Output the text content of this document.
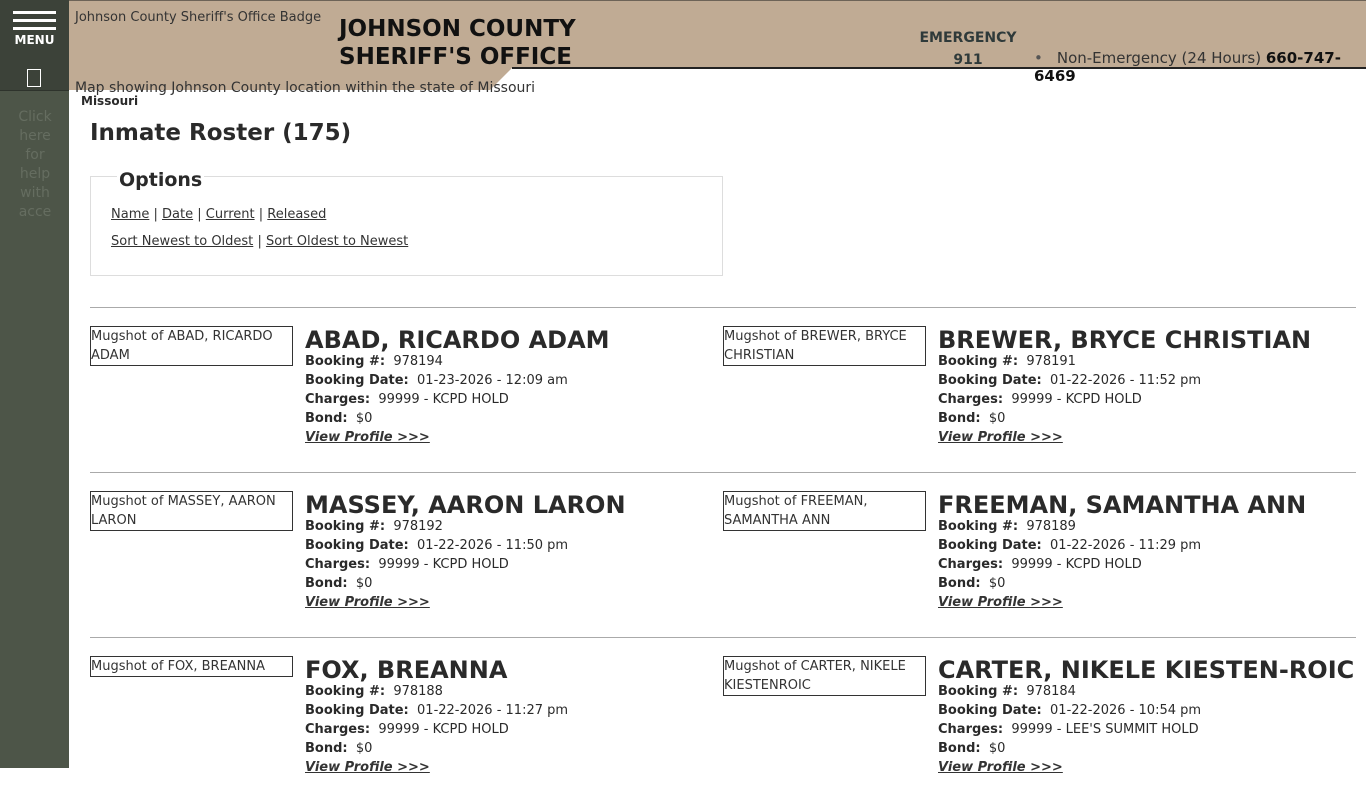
MENU
Click here for help with acce
Johnson County Sheriff's Office Badge JOHNSON COUNTY
SHERIFF'S OFFICE
EMERGENCY
911	• Non-Emergency (24 Hours) 660-747-6469
Map showing Johnson County location within the state of Missouri
Missouri
Inmate Roster (175)
Options
Name | Date | Current | Released
Sort Newest to Oldest | Sort Oldest to Newest
Mugshot of ABAD, RICARDO ADAM
ABAD, RICARDO ADAM
Booking #: 978194
Booking Date: 01-23-2026 - 12:09 am
Charges: 99999 - KCPD HOLD
Bond: $0
View Profile >>>
Mugshot of BREWER, BRYCE CHRISTIAN
BREWER, BRYCE CHRISTIAN
Booking #: 978191
Booking Date: 01-22-2026 - 11:52 pm
Charges: 99999 - KCPD HOLD
Bond: $0
View Profile >>>
Mugshot of MASSEY, AARON LARON
MASSEY, AARON LARON
Booking #: 978192
Booking Date: 01-22-2026 - 11:50 pm
Charges: 99999 - KCPD HOLD
Bond: $0
View Profile >>>
Mugshot of FREEMAN, SAMANTHA ANN
FREEMAN, SAMANTHA ANN
Booking #: 978189
Booking Date: 01-22-2026 - 11:29 pm
Charges: 99999 - KCPD HOLD
Bond: $0
View Profile >>>
Mugshot of FOX, BREANNA	FOX, BREANNA
Booking #: 978188
Booking Date: 01-22-2026 - 11:27 pm
Charges: 99999 - KCPD HOLD
Bond: $0
View Profile >>>
Mugshot of CARTER, NIKELE KIESTENROIC
CARTER, NIKELE KIESTEN-ROIC
Booking #: 978184
Booking Date: 01-22-2026 - 10:54 pm
Charges: 99999 - LEE'S SUMMIT HOLD
Bond: $0
View Profile >>>
